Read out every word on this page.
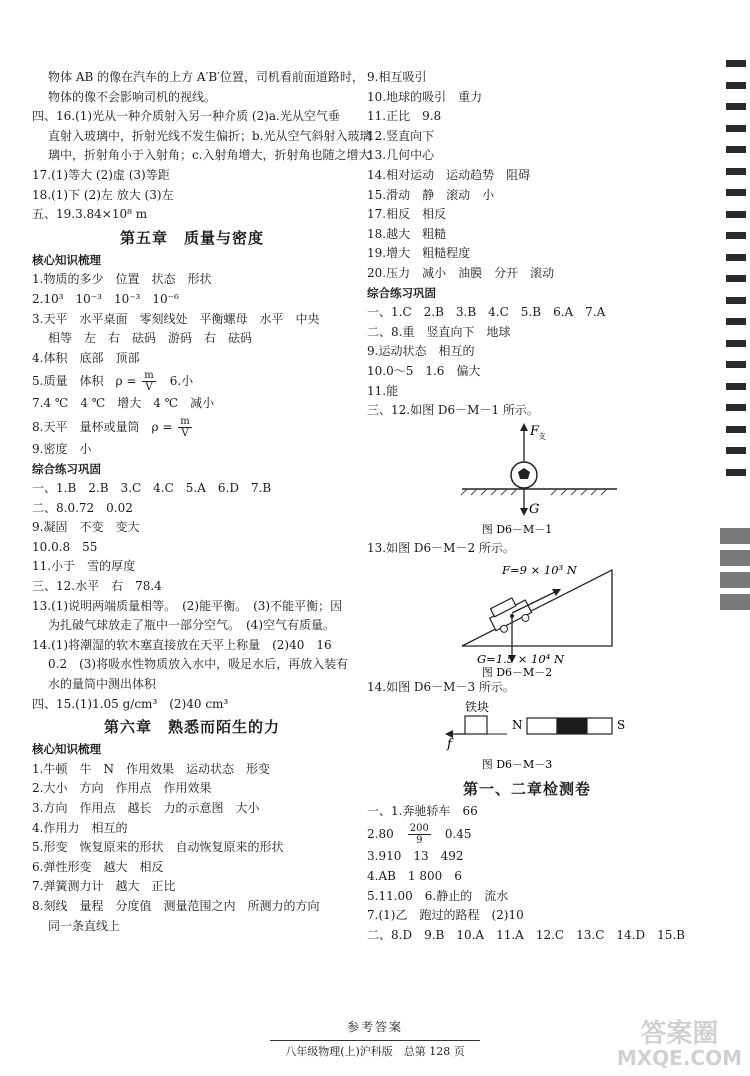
物体 AB 的像在汽车的上方 A′B′位置，司机看前面道路时，
物体的像不会影响司机的视线。
四、16.(1)光从一种介质射入另一种介质 (2)a.光从空气垂
直射入玻璃中，折射光线不发生偏折；b.光从空气斜射入玻璃
璃中，折射角小于入射角；c.入射角增大，折射角也随之增大
17.(1)等大 (2)虚 (3)等距
18.(1)下 (2)左 放大 (3)左
五、19.3.84×10⁸ m
第五章　质量与密度
核心知识梳理
1.物质的多少　位置　状态　形状
2.10³　10⁻³　10⁻³　10⁻⁶
3.天平　水平桌面　零刻线处　平衡螺母　水平　中央
相等　左　右　砝码　游码　右　砝码
4.体积　底部　顶部
5.质量　体积　$\rho = \frac{m}{V}$ 　6.小
7.4 ℃　4 ℃　增大　4 ℃　减小
8.天平　量杯或量筒　$\rho = \frac{m}{V}$
9.密度　小
综合练习巩固
一、1.B　2.B　3.C　4.C　5.A　6.D　7.B
二、8.0.72　0.02
9.凝固　不变　变大
10.0.8　55
11.小于　雪的厚度
三、12.水平　右　78.4
13.(1)说明两端质量相等。　(2)能平衡。　(3)不能平衡；因
为扎破气球放走了瓶中一部分空气。　(4)空气有质量。
14.(1)将潮湿的软木塞直接放在天平上称量　(2)40　16
0.2　(3)将吸水性物质放入水中，吸足水后，再放入装有
水的量筒中测出体积
四、15.(1)1.05 g/cm³　(2)40 cm³
第六章　熟悉而陌生的力
核心知识梳理
1.牛顿　牛　N　作用效果　运动状态　形变
2.大小　方向　作用点　作用效果
3.方向　作用点　越长　力的示意图　大小
4.作用力　相互的
5.形变　恢复原来的形状　自动恢复原来的形状
6.弹性形变　越大　相反
7.弹簧测力计　越大　正比
8.刻线　量程　分度值　测量范围之内　所测力的方向
同一条直线上
9.相互吸引
10.地球的吸引　重力
11.正比　9.8
12.竖直向下
13.几何中心
14.相对运动　运动趋势　阻碍
15.滑动　静　滚动　小
17.相反　相反
18.越大　粗糙
19.增大　粗糙程度
20.压力　减小　油膜　分开　滚动
综合练习巩固
一、1.C　2.B　3.B　4.C　5.B　6.A　7.A
二、8.重　竖直向下　地球
9.运动状态　相互的
10.0～5　1.6　偏大
11.能
三、12.如图 D6－M－1 所示。
F
支
G
图 D6－M－1
13.如图 D6－M－2 所示。
F=9 × 10³ N
G=1.5 × 10⁴ N
图 D6－M－2
14.如图 D6－M－3 所示。
铁块
f
N	S
图 D6－M－3
第一、二章检测卷
一、1.奔驰轿车　66
2.80　 $\frac{200}{9}$ 　0.45
3.910　13　492
4.AB　1 800　6
5.11.00　6.静止的　流水
7.(1)乙　跑过的路程　(2)10
二、8.D　9.B　10.A　11.A　12.C　13.C　14.D　15.B
参考答案
八年级物理(上)沪科版　总第 128 页
答案圈
MXQE.COM
